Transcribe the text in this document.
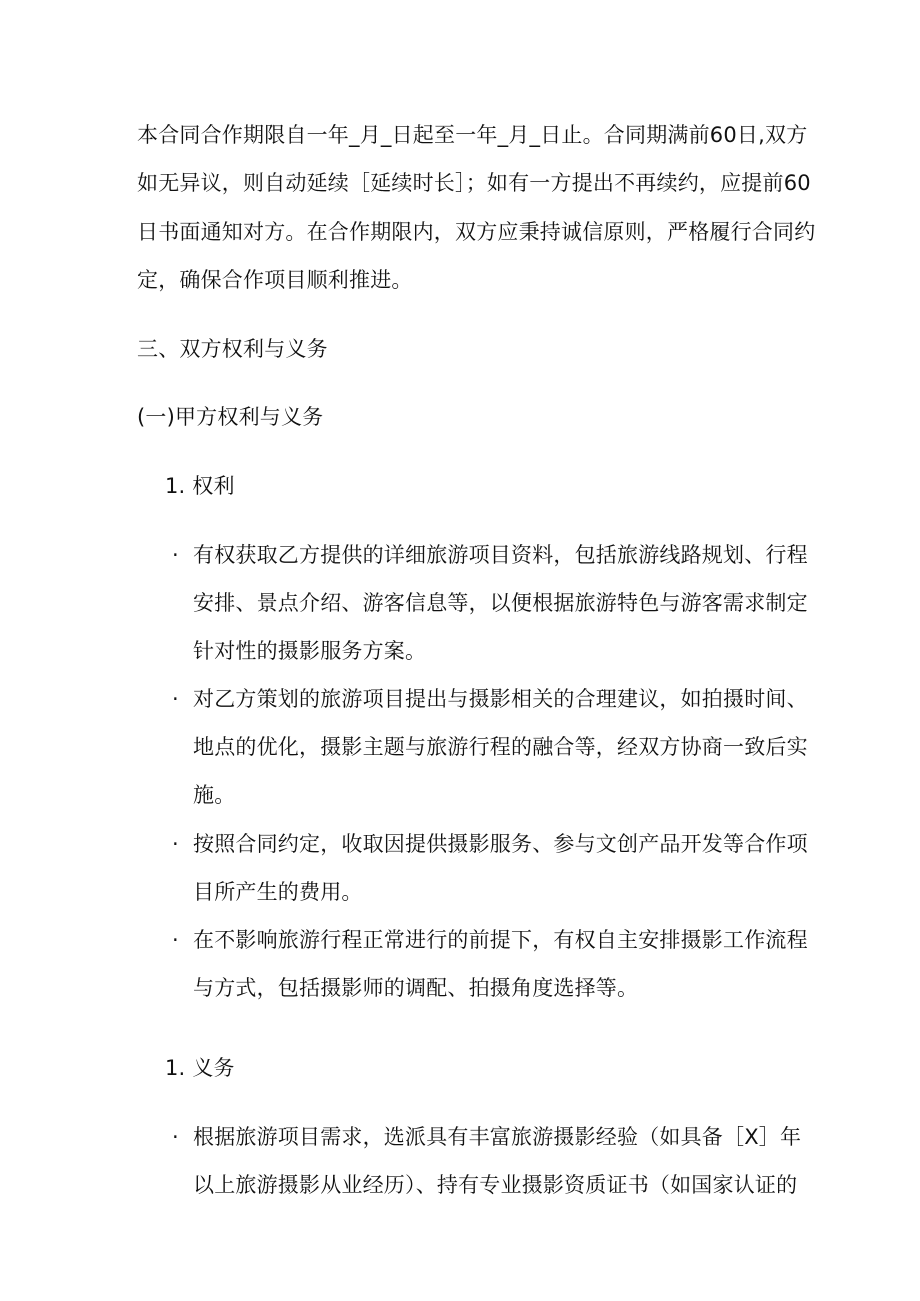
本合同合作期限自一年_月_日起至一年_月_日止。合同期满前60日,双方
如无异议，则自动延续［延续时长］；如有一方提出不再续约，应提前60
日书面通知对方。在合作期限内，双方应秉持诚信原则，严格履行合同约
定，确保合作项目顺利推进。
三、双方权利与义务
(一)甲方权利与义务
1. 权利
· 有权获取乙方提供的详细旅游项目资料，包括旅游线路规划、行程
安排、景点介绍、游客信息等，以便根据旅游特色与游客需求制定
针对性的摄影服务方案。
· 对乙方策划的旅游项目提出与摄影相关的合理建议，如拍摄时间、
地点的优化，摄影主题与旅游行程的融合等，经双方协商一致后实
施。
· 按照合同约定，收取因提供摄影服务、参与文创产品开发等合作项
目所产生的费用。
· 在不影响旅游行程正常进行的前提下，有权自主安排摄影工作流程
与方式，包括摄影师的调配、拍摄角度选择等。
1. 义务
· 根据旅游项目需求，选派具有丰富旅游摄影经验（如具备［X］年
以上旅游摄影从业经历）、持有专业摄影资质证书（如国家认证的
